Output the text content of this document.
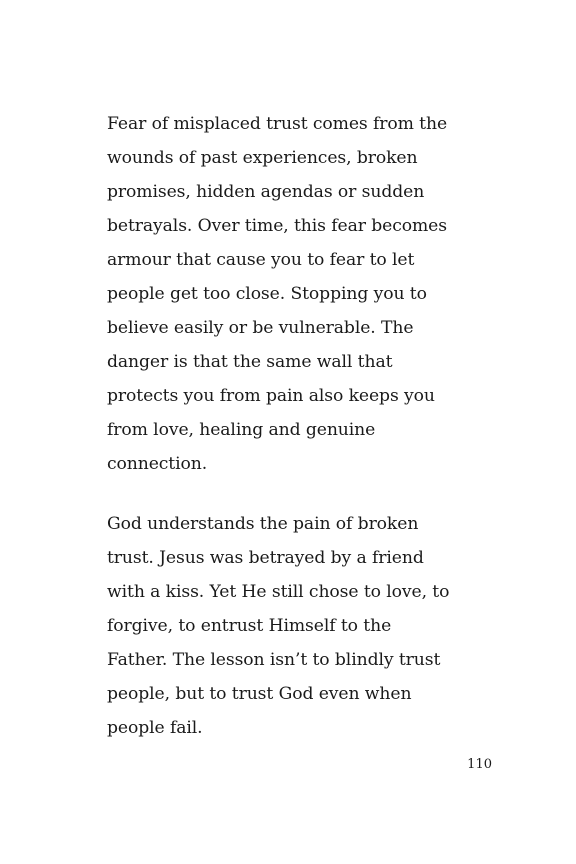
Fear of misplaced trust comes from the
wounds of past experiences, broken
promises, hidden agendas or sudden
betrayals. Over time, this fear becomes
armour that cause you to fear to let
people get too close. Stopping you to
believe easily or be vulnerable. The
danger is that the same wall that
protects you from pain also keeps you
from love, healing and genuine
connection.
God understands the pain of broken
trust. Jesus was betrayed by a friend
with a kiss. Yet He still chose to love, to
forgive, to entrust Himself to the
Father. The lesson isn’t to blindly trust
people, but to trust God even when
people fail.
110
